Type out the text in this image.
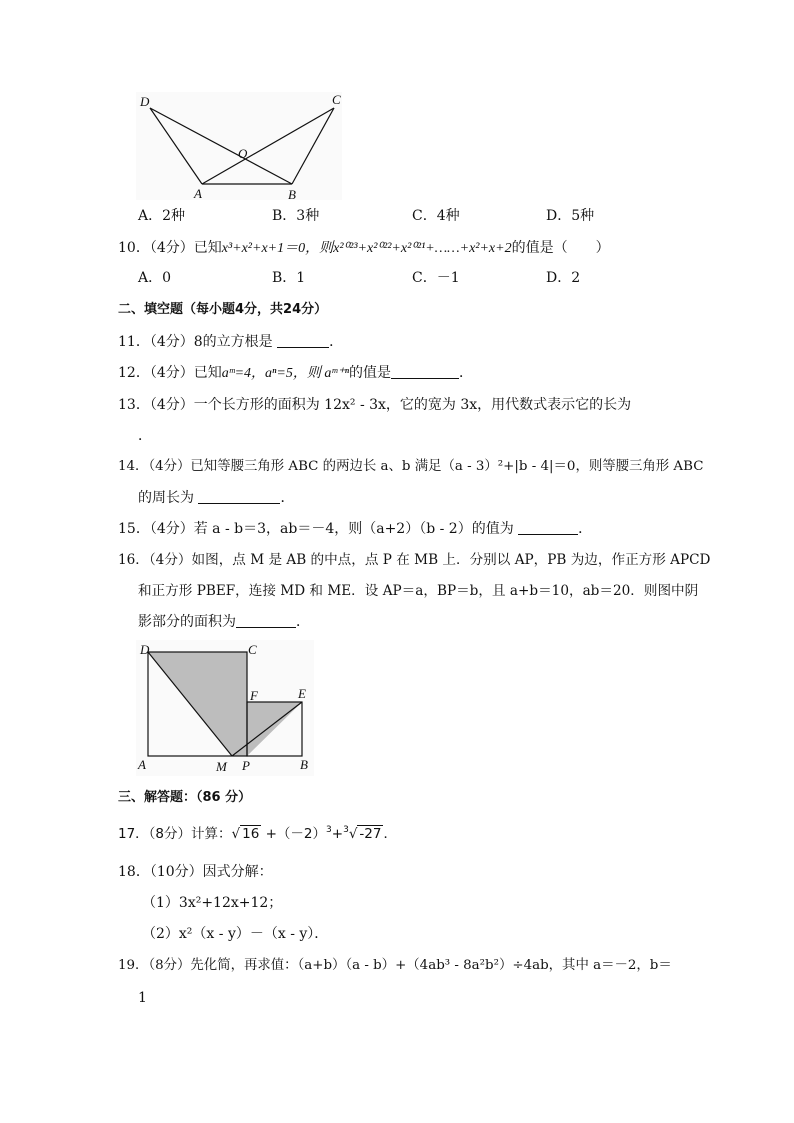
D	C
O
A	B
A．2种	B．3种	C．4种	D．5种
10．（4分）已知x³+x²+x+1＝0，则x²⁰²³+x²⁰²²+x²⁰²¹+……+x²+x+2的值是（　　）
A．0	B．1	C．－1	D．2
二、填空题（每小题4分，共24分）
11．（4分）8的立方根是	．
12．（4分）已知aᵐ=4，aⁿ=5，则 aᵐ⁺ⁿ的值是	．
13．（4分）一个长方形的面积为 12x² - 3x，它的宽为 3x，用代数式表示它的长为
．
14．（4分）已知等腰三角形 ABC 的两边长 a、b 满足（a - 3）²+|b - 4|＝0，则等腰三角形 ABC
的周长为	．
15．（4分）若 a - b＝3，ab＝－4，则（a+2）（b - 2）的值为	．
16．（4分）如图，点 M 是 AB 的中点，点 P 在 MB 上．分别以 AP，PB 为边，作正方形 APCD
和正方形 PBEF，连接 MD 和 ME．设 AP＝a，BP＝b，且 a+b＝10，ab＝20．则图中阴
影部分的面积为	．
D	C
F	E
A	M P	B
三、解答题：（86 分）
17．（8分）计算：√ $16 +(-2)^3+^3√$ -27 ．
18．（10分）因式分解：
（1）3x²+12x+12；
（2）x²（x - y）－（x - y）．
19．（8分）先化简，再求值：（a+b）（a - b）+（4ab³ - 8a²b²）÷4ab，其中 a＝－2，b＝
1
